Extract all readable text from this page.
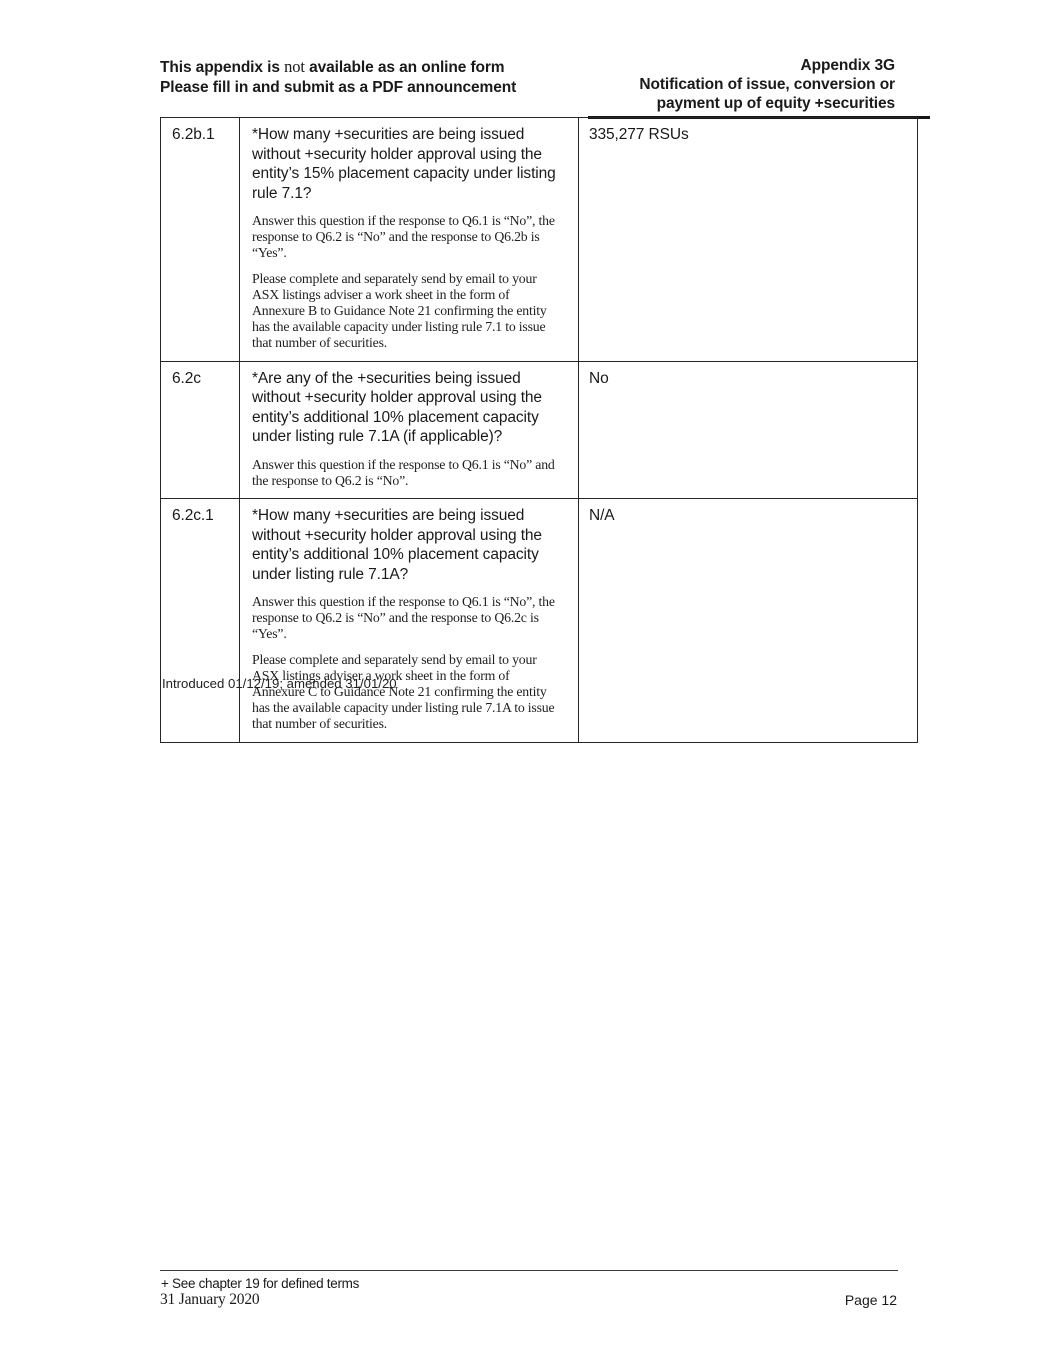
This appendix is not available as an online form
Please fill in and submit as a PDF announcement
Appendix 3G
Notification of issue, conversion or
payment up of equity +securities
6.2b.1	*How many +securities are being issued without +security holder approval using the entity’s 15% placement capacity under listing rule 7.1?

Answer this question if the response to Q6.1 is “No”, the response to Q6.2 is “No” and the response to Q6.2b is “Yes”.

Please complete and separately send by email to your ASX listings adviser a work sheet in the form of Annexure B to Guidance Note 21 confirming the entity has the available capacity under listing rule 7.1 to issue that number of securities.	335,277 RSUs
6.2c	*Are any of the +securities being issued without +security holder approval using the entity’s additional 10% placement capacity under listing rule 7.1A (if applicable)?

Answer this question if the response to Q6.1 is “No” and the response to Q6.2 is “No”.	No
6.2c.1	*How many +securities are being issued without +security holder approval using the entity’s additional 10% placement capacity under listing rule 7.1A?

Answer this question if the response to Q6.1 is “No”, the response to Q6.2 is “No” and the response to Q6.2c is “Yes”.

Please complete and separately send by email to your ASX listings adviser a work sheet in the form of Annexure C to Guidance Note 21 confirming the entity has the available capacity under listing rule 7.1A to issue that number of securities.	N/A
Introduced 01/12/19; amended 31/01/20
+ See chapter 19 for defined terms
31 January 2020	Page 12
